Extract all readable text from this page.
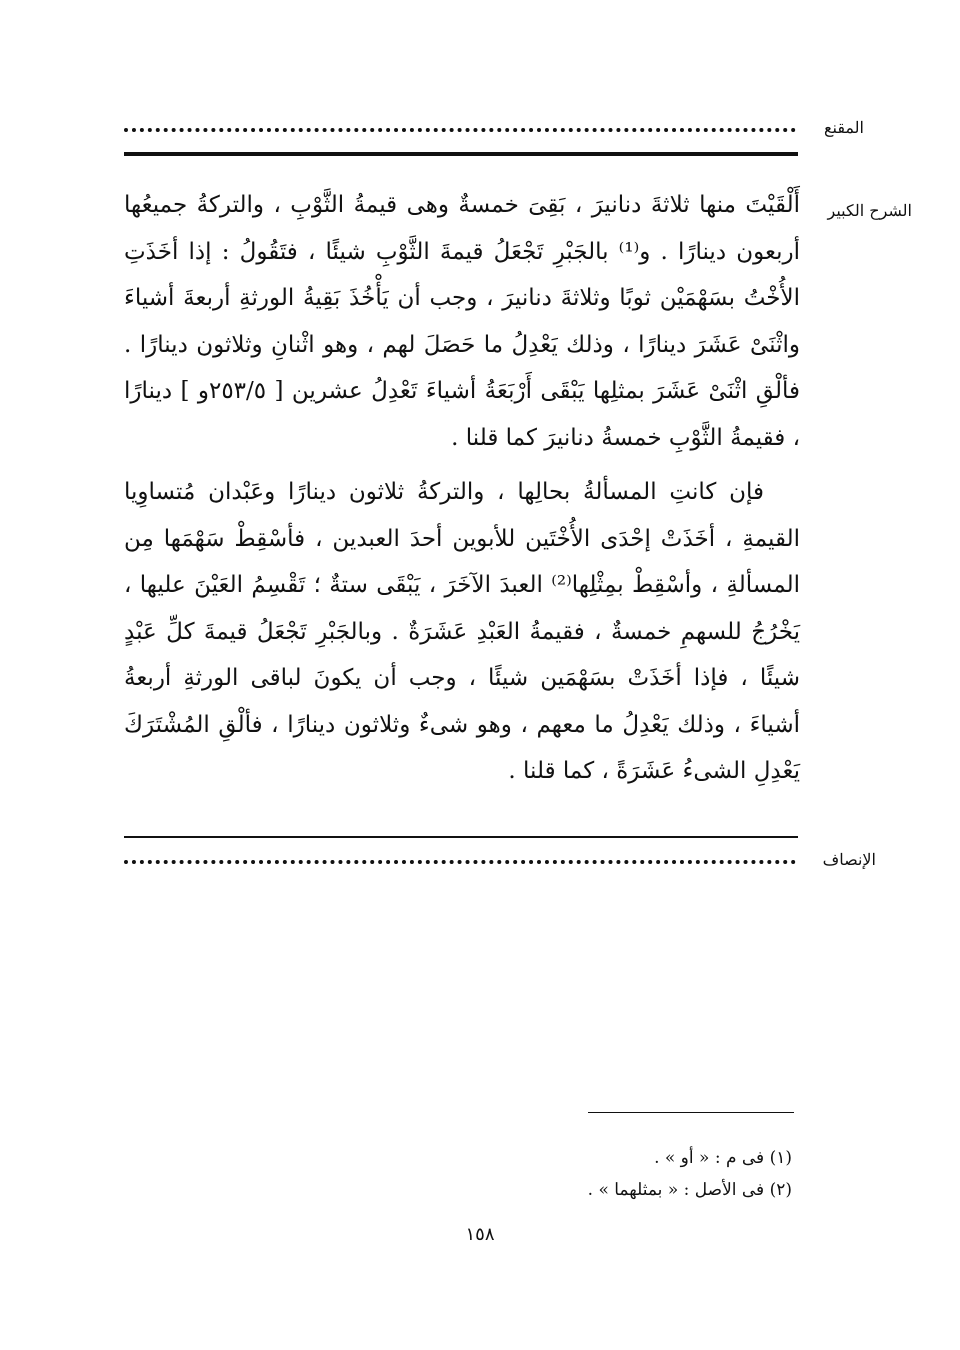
المقنع
الشرح الكبير

أَلْقَيْتَ منها ثلاثةَ دنانيرَ ، بَقِىَ خمسةٌ وهى قيمةُ الثَّوْبِ ، والتركةُ جميعُها أربعون دينارًا . و⁽¹⁾ بالجَبْرِ تَجْعَلُ قيمةَ الثَّوْبِ شيئًا ، فتَقُولُ : إذا أخَذَتِ الأُخْتُ بسَهْمَيْن ثوبًا وثلاثةَ دنانيرَ ، وجب أن يَأْخُذَ بَقِيةُ الورثةِ أربعةَ أشياءَ واثْنَىْ عَشَرَ دينارًا ، وذلك يَعْدِلُ ما حَصَلَ لهم ، وهو اثْنانِ وثلاثون دينارًا . فألْقِ اثْنَىْ عَشَرَ بمثلِها يَبْقَى أَرْبَعَةُ أشياءَ تَعْدِلُ عشرين [ ٢٥٣/٥و ] دينارًا ، فقيمةُ الثَّوْبِ خمسةُ دنانيرَ كما قلنا .

فإن كانتِ المسألةُ بحالِها ، والتركةُ ثلاثون دينارًا وعَبْدان مُتساوِيا القيمةِ ، أخَذَتْ إحْدَى الأُخْتَين للأبوين أحدَ العبدين ، فأسْقِطْ سَهْمَها مِن المسألةِ ، وأسْقِطْ بمِثْلِها⁽²⁾ العبدَ الآخَرَ ، يَبْقَى ستةٌ ؛ تَقْسِمُ العَيْنَ عليها ، يَخْرُجُ للسهمِ خمسةٌ ، فقيمةُ العَبْدِ عَشَرَةٌ . وبالجَبْرِ تَجْعَلُ قيمةَ كلِّ عَبْدٍ شيئًا ، فإذا أخَذَتْ بسَهْمَين شيئًا ، وجب أن يكونَ لباقى الورثةِ أربعةُ أشياءَ ، وذلك يَعْدِلُ ما معهم ، وهو شىءٌ وثلاثون دينارًا ، فألْقِ المُشْتَرَكَ يَعْدِلِ الشىءُ عَشَرَةً ، كما قلنا .

الإنصاف
(١) فى م : « أو » .
(٢) فى الأصل : « بمثلهما » .
١٥٨
